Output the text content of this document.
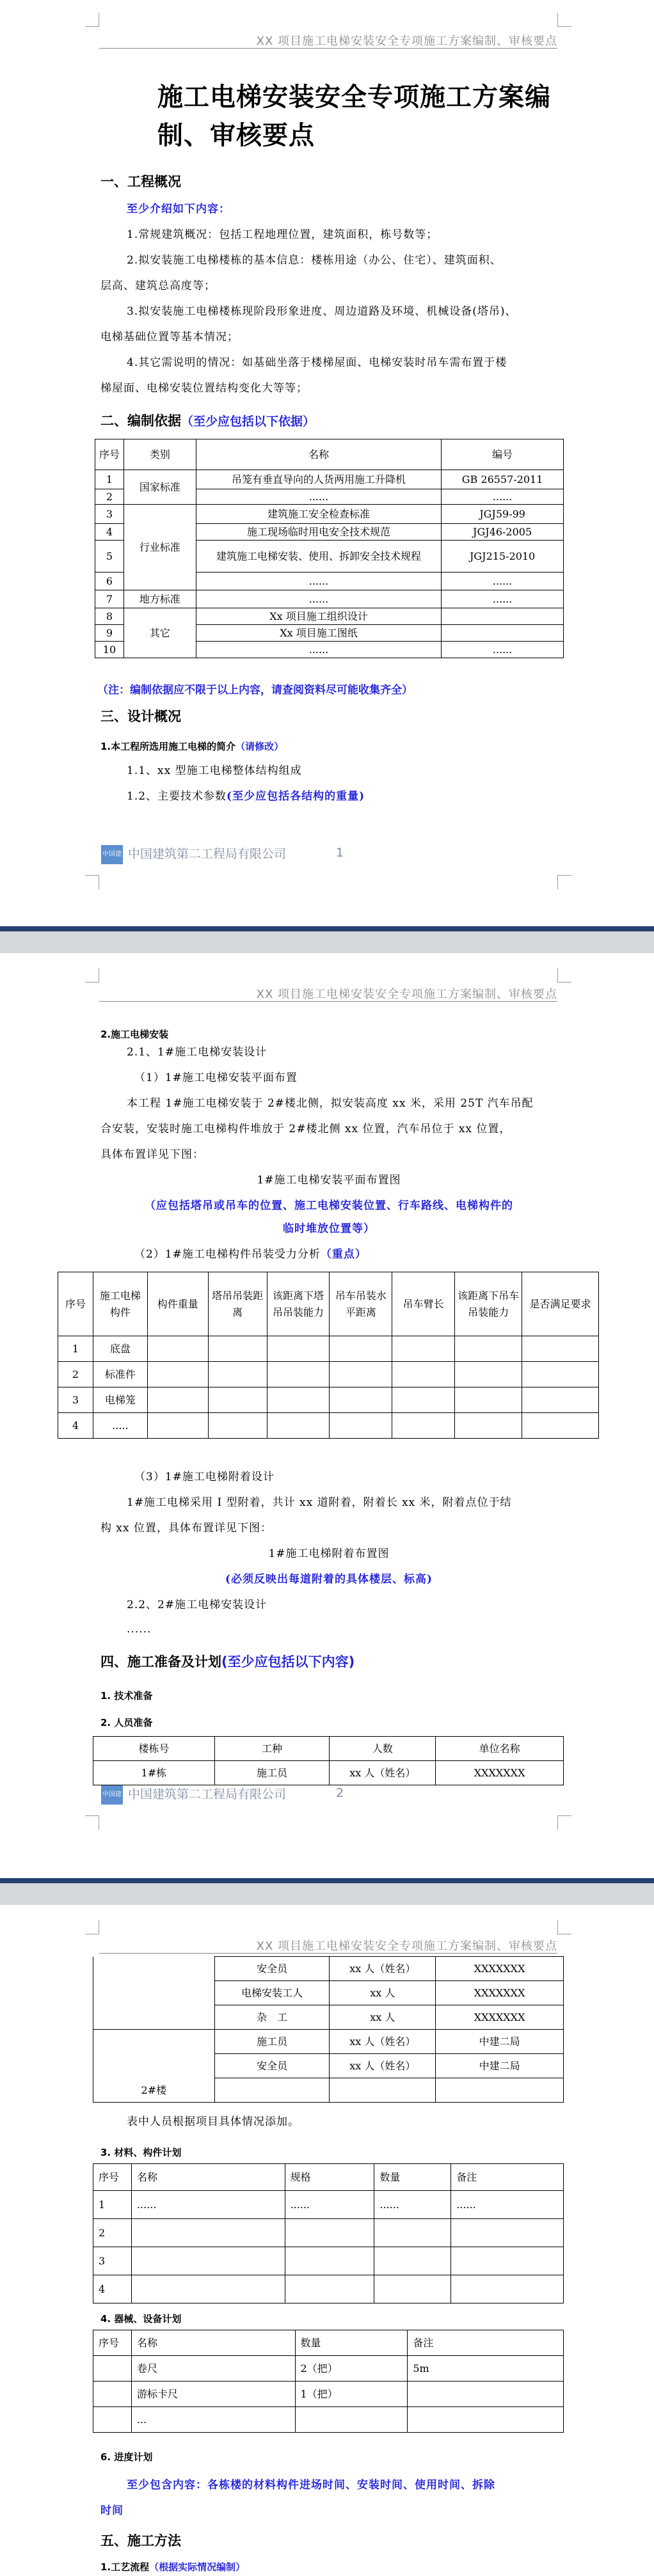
XX 项目施工电梯安装安全专项施工方案编制、审核要点
施工电梯安装安全专项施工方案编
制、审核要点
一、工程概况
至少介绍如下内容：
1.常规建筑概况：包括工程地理位置，建筑面积，栋号数等；
2.拟安装施工电梯楼栋的基本信息：楼栋用途（办公、住宅）、建筑面积、
层高、建筑总高度等；
3.拟安装施工电梯楼栋现阶段形象进度、周边道路及环境、机械设备(塔吊)、
电梯基础位置等基本情况；
4.其它需说明的情况：如基础坐落于楼梯屋面、电梯安装时吊车需布置于楼
梯屋面、电梯安装位置结构变化大等等；
二、编制依据（至少应包括以下依据）
序号	类别	名称	编号
1	国家标准	吊笼有垂直导向的人货两用施工升降机	GB 26557-2011
2		......	......
3	行业标准	建筑施工安全检查标准	JGJ59-99
4		施工现场临时用电安全技术规范	JGJ46-2005
5		建筑施工电梯安装、使用、拆卸安全技术规程	JGJ215-2010
6		......	......
7	地方标准	......	......
8	其它	Xx 项目施工组织设计	
9		Xx 项目施工图纸	
10		......	......
（注：编制依据应不限于以上内容，请查阅资料尽可能收集齐全）
三、设计概况
1.本工程所选用施工电梯的简介（请修改）
1.1、xx 型施工电梯整体结构组成
1.2、主要技术参数(至少应包括各结构的重量)
中国建筑中国建筑第二工程局有限公司	1
XX 项目施工电梯安装安全专项施工方案编制、审核要点
2.施工电梯安装
2.1、1#施工电梯安装设计
（1）1#施工电梯安装平面布置
本工程 1#施工电梯安装于 2#楼北侧，拟安装高度 xx 米，采用 25T 汽车吊配
合安装，安装时施工电梯构件堆放于 2#楼北侧 xx 位置，汽车吊位于 xx 位置，
具体布置详见下图：
1#施工电梯安装平面布置图
（应包括塔吊或吊车的位置、施工电梯安装位置、行车路线、电梯构件的
临时堆放位置等）
（2）1#施工电梯构件吊装受力分析（重点）
序号	施工电梯构件	构件重量	塔吊吊装距离	该距离下塔吊吊装能力	吊车吊装水平距离	吊车臂长	该距离下吊车吊装能力	是否满足要求
1	底盘							
2	标准件							
3	电梯笼							
4	.....							
（3）1#施工电梯附着设计
1#施工电梯采用 I 型附着，共计 xx 道附着，附着长 xx 米，附着点位于结
构 xx 位置，具体布置详见下图：
1#施工电梯附着布置图
(必须反映出每道附着的具体楼层、标高)
2.2、2#施工电梯安装设计
......
四、施工准备及计划(至少应包括以下内容)
1. 技术准备
2. 人员准备
楼栋号	工种	人数	单位名称
1#栋	施工员	xx 人（姓名）	XXXXXXX
中国建筑中国建筑第二工程局有限公司	2
XX 项目施工电梯安装安全专项施工方案编制、审核要点
	安全员	xx 人（姓名）	XXXXXXX
	电梯安装工人	xx 人	XXXXXXX
	杂　工	xx 人	XXXXXXX
2#楼	施工员	xx 人（姓名）	中建二局
	安全员	xx 人（姓名）	中建二局

表中人员根据项目具体情况添加。
3. 材料、构件计划
序号	名称	规格	数量	备注
1	......	......	......	......
2				
3				
4				
4. 器械、设备计划
序号	名称	数量	备注
	卷尺	2（把）	5m
	游标卡尺	1（把）	
	...		
6. 进度计划
至少包含内容：各栋楼的材料构件进场时间、安装时间、使用时间、拆除
时间
五、施工方法
1.工艺流程（根据实际情况编制）
